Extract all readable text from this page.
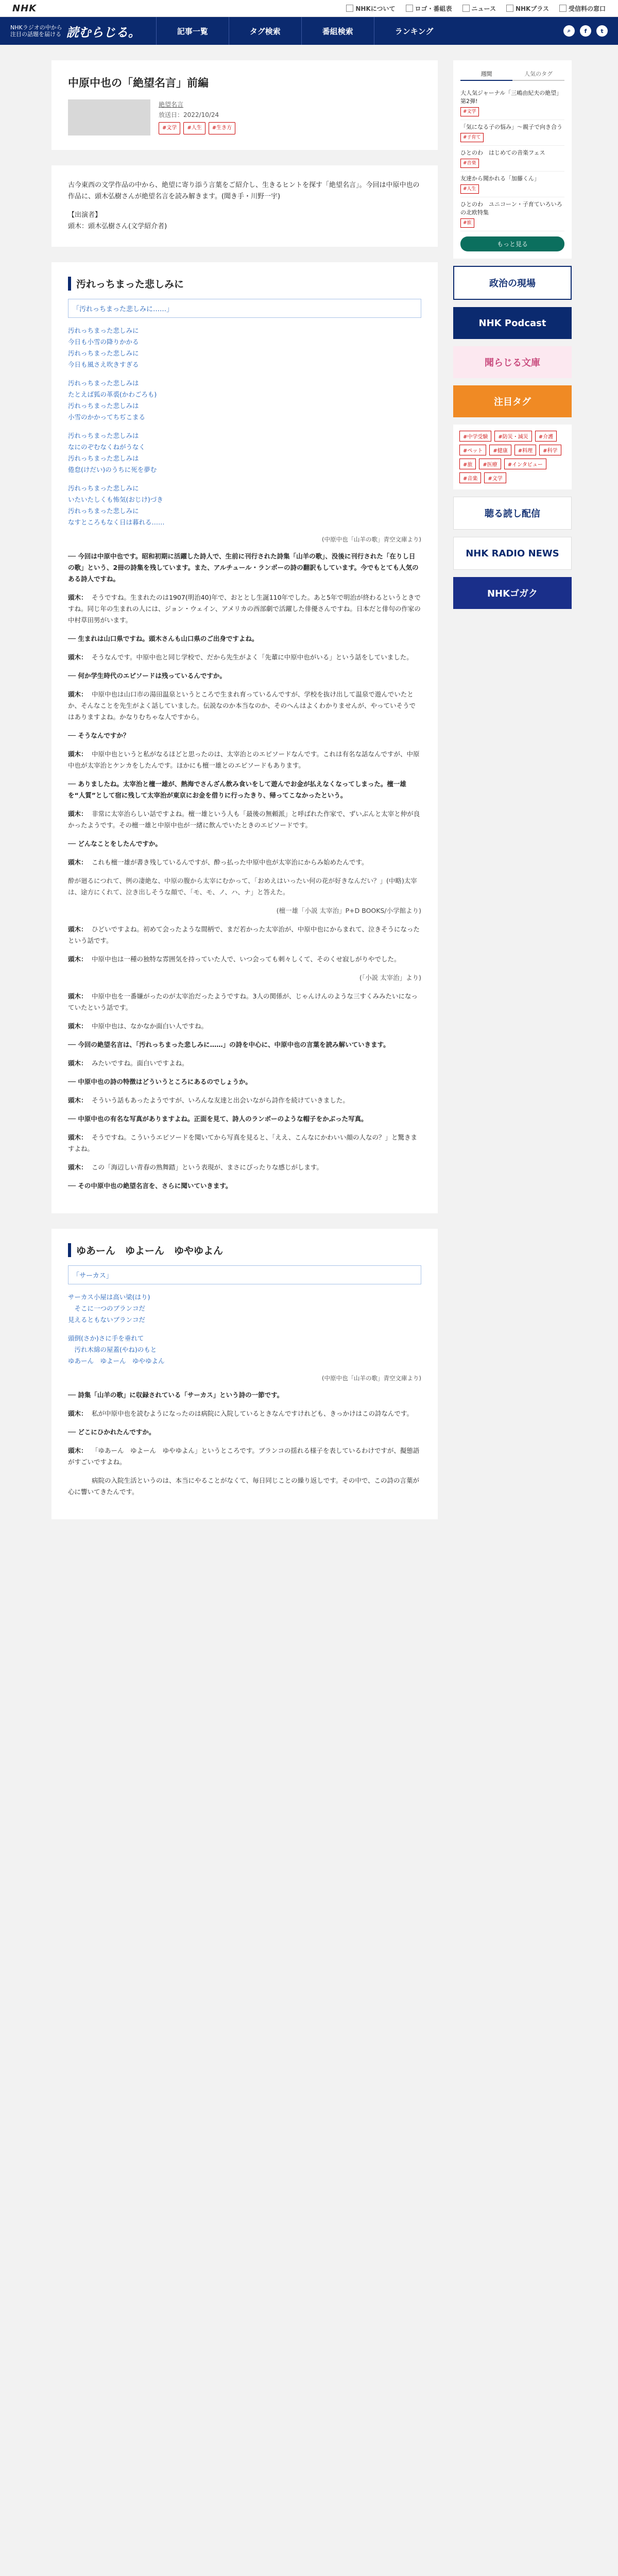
NHK	NHKについて	ロゴ・番組表	ニュース	NHKプラス	受信料の窓口
NHKラジオの中から
注目の話題を届ける 読むらじる。	記事一覧	タグ検索	番組検索	ランキング	⌕	f	t
中原中也の「絶望名言」前編
絶望名言
放送日：2022/10/24
#文学	#人生	#生き方

古今東西の文学作品の中から、絶望に寄り添う言葉をご紹介し、生きるヒントを探す「絶望名言」。今回は中原中也の作品に、頭木弘樹さんが絶望名言を読み解きます。(聞き手・川野一宇)

【出演者】
頭木：頭木弘樹さん(文学紹介者)

汚れっちまった悲しみに
「汚れっちまった悲しみに……」

汚れっちまった悲しみに
今日も小雪の降りかかる
汚れっちまった悲しみに
今日も風さえ吹きすぎる

汚れっちまった悲しみは
たとえば狐の革裘(かわごろも)
汚れっちまった悲しみは
小雪のかかってちぢこまる

汚れっちまった悲しみは
なにのぞむなくねがうなく
汚れっちまった悲しみは
倦怠(けだい)のうちに死を夢む

汚れっちまった悲しみに
いたいたしくも怖気(おじけ)づき
汚れっちまった悲しみに
なすところもなく日は暮れる……

(中原中也「山羊の歌」青空文庫より)

── 今回は中原中也です。昭和初期に活躍した詩人で、生前に刊行された詩集「山羊の歌」、没後に刊行された「在りし日の歌」という、2冊の詩集を残しています。また、アルチュール・ランボーの詩の翻訳もしています。今でもとても人気のある詩人ですね。

頭木： そうですね。生まれたのは1907(明治40)年で、おととし生誕110年でした。あと5年で明治が終わるというときですね。同じ年の生まれの人には、ジョン・ウェイン、アメリカの西部劇で活躍した俳優さんですね。日本だと俳句の作家の中村草田男がいます。

── 生まれは山口県ですね。頭木さんも山口県のご出身ですよね。

頭木： そうなんです。中原中也と同じ学校で、だから先生がよく「先輩に中原中也がいる」という話をしていました。

── 何か学生時代のエピソードは残っているんですか。

頭木： 中原中也は山口市の湯田温泉というところで生まれ育っているんですが、学校を抜け出して温泉で遊んでいたとか、そんなことを先生がよく話していました。伝説なのか本当なのか、そのへんはよくわかりませんが、やっていそうではありますよね。かなりむちゃな人ですから。

── そうなんですか？

頭木： 中原中也というと私がなるほどと思ったのは、太宰治とのエピソードなんです。これは有名な話なんですが、中原中也が太宰治とケンカをしたんです。ほかにも檀一雄とのエピソードもあります。

── ありましたね。太宰治と檀一雄が、熱海でさんざん飲み食いをして遊んでお金が払えなくなってしまった。檀一雄を“人質”として宿に残して太宰治が東京にお金を借りに行ったきり、帰ってこなかったという。

頭木： 非常に太宰治らしい話ですよね。檀一雄という人も「最後の無頼派」と呼ばれた作家で、ずいぶんと太宰と仲が良かったようです。その檀一雄と中原中也が一緒に飲んでいたときのエピソードです。

── どんなことをしたんですか。

頭木： これも檀一雄が書き残しているんですが、酔っ払った中原中也が太宰治にからみ始めたんです。

酔が廻るにつれて、例の凄絶な、中原の腹から太宰にむかって、「おめえはいったい何の花が好きなんだい？」(中略)太宰は、途方にくれて、泣き出しそうな顔で、「モ、モ、ノ、ハ、ナ」と答えた。

(檀一雄「小説 太宰治」P+D BOOKS/小学館より)

頭木： ひどいですよね。初めて会ったような間柄で、まだ若かった太宰治が、中原中也にからまれて、泣きそうになったという話です。

頭木： 中原中也は一種の独特な雰囲気を持っていた人で、いつ会っても刺々しくて、そのくせ寂しがりやでした。

(「小説 太宰治」より)

頭木： 中原中也を一番嫌がったのが太宰治だったようですね。3人の関係が、じゃんけんのような三すくみみたいになっていたという話です。

頭木： 中原中也は、なかなか面白い人ですね。

── 今回の絶望名言は、「汚れっちまった悲しみに……」の詩を中心に、中原中也の言葉を読み解いていきます。

頭木： みたいですね。面白いですよね。

── 中原中也の詩の特徴はどういうところにあるのでしょうか。

頭木： そういう話もあったようですが、いろんな友達と出会いながら詩作を続けていきました。

── 中原中也の有名な写真がありますよね。正面を見て、詩人のランボーのような帽子をかぶった写真。

頭木： そうですね。こういうエピソードを聞いてから写真を見ると、「ええ、こんなにかわいい顔の人なの？」と驚きますよね。

頭木： この「海辺しい青春の熟舞踏」という表現が、まさにぴったりな感じがします。

── その中原中也の絶望名言を、さらに聞いていきます。

ゆあーん　ゆよーん　ゆやゆよん
「サーカス」

サーカス小屋は高い梁(はり)
　そこに一つのブランコだ
見えるともないブランコだ

頭倒(さか)さに手を垂れて
　汚れ木綿の屋蓋(やね)のもと
ゆあーん　ゆよーん　ゆやゆよん

(中原中也「山羊の歌」青空文庫より)

── 詩集「山羊の歌」に収録されている「サーカス」という詩の一節です。

頭木： 私が中原中也を読むようになったのは病院に入院しているときなんですけれども、きっかけはこの詩なんです。

── どこにひかれたんですか。

頭木： 「ゆあーん　ゆよーん　ゆやゆよん」というところです。ブランコの揺れる様子を表しているわけですが、擬態語がすごいですよね。

病院の入院生活というのは、本当にやることがなくて、毎日同じことの繰り返しです。その中で、この詩の言葉が心に響いてきたんです。

週間	人気のタグ
大人気ジャーナル「三嶋由紀夫の絶望」第2弾!
#文学
「気になる子の悩み」～親子で向き合う
#子育て
ひとのわ　はじめての音楽フェス
#音楽
友達から聞かれる「加藤くん」
#人生
ひとのわ　ユニコーン・子育ていろいろの北欧特集
#旅
もっと見る
政治の現場
NHK Podcast
聞らじる文庫
注目タグ
#中学受験	#防災・減災	#介護
#ペット	#健康	#料理	#科学
#旅	#医療	#インタビュー
#音楽	#文学
聴る読し配信
NHK RADIO NEWS
NHKゴガク
